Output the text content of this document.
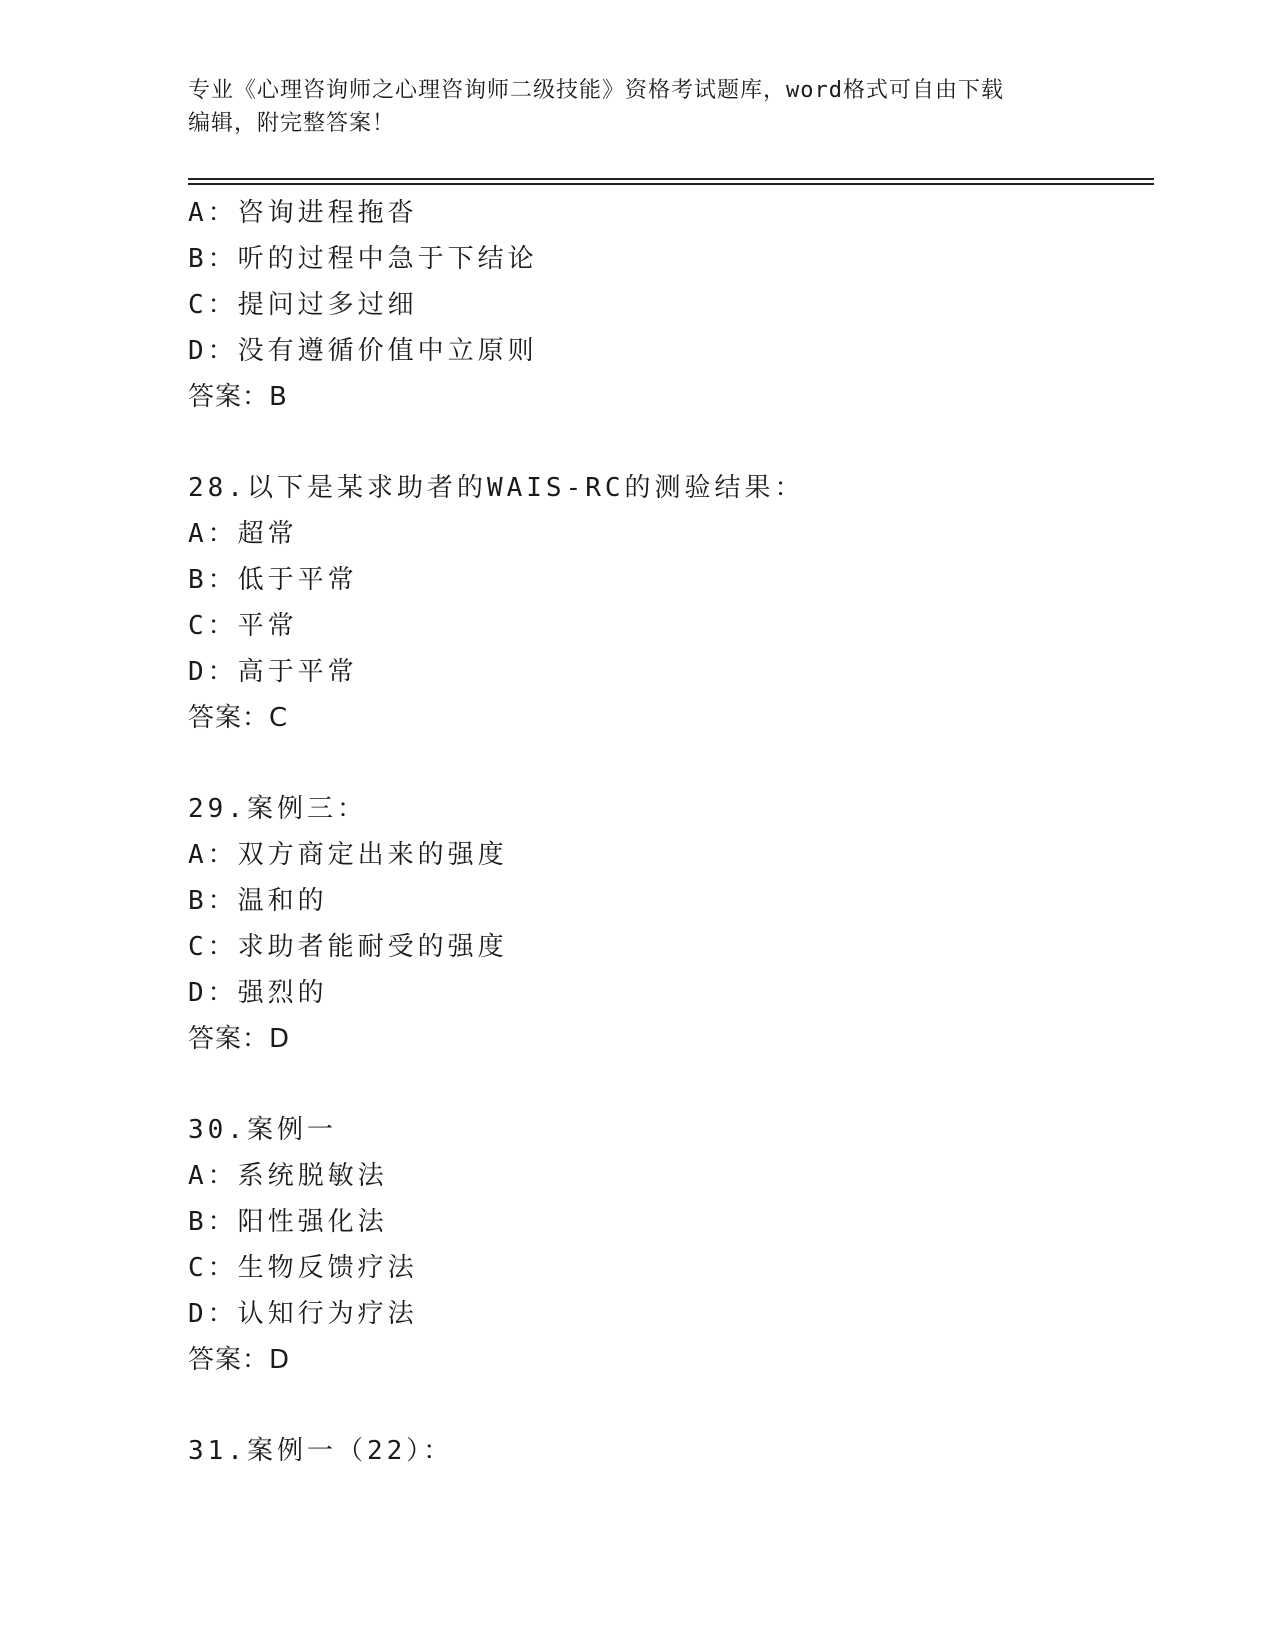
专业《心理咨询师之心理咨询师二级技能》资格考试题库，word格式可自由下载
编辑，附完整答案！
A：咨询进程拖沓
B：听的过程中急于下结论
C：提问过多过细
D：没有遵循价值中立原则
答案：B
28.以下是某求助者的WAIS-RC的测验结果：
A：超常
B：低于平常
C：平常
D：高于平常
答案：C
29.案例三：
A：双方商定出来的强度
B：温和的
C：求助者能耐受的强度
D：强烈的
答案：D
30.案例一
A：系统脱敏法
B：阳性强化法
C：生物反馈疗法
D：认知行为疗法
答案：D
31.案例一（22）：
